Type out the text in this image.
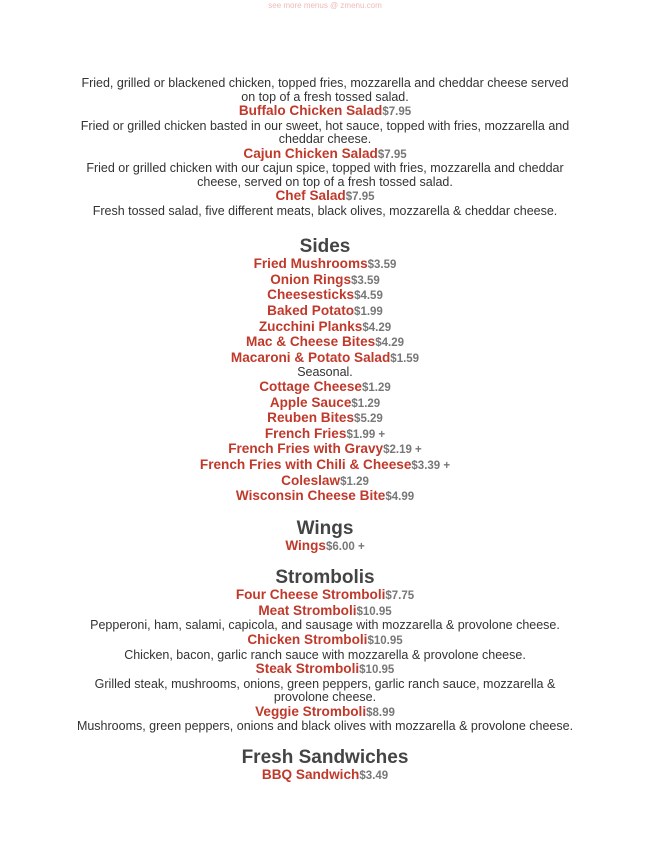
see more menus @ zmenu.com

Fried, grilled or blackened chicken, topped fries, mozzarella and cheddar cheese served on top of a fresh tossed salad.

Buffalo Chicken Salad$7.95

Fried or grilled chicken basted in our sweet, hot sauce, topped with fries, mozzarella and cheddar cheese.

Cajun Chicken Salad$7.95

Fried or grilled chicken with our cajun spice, topped with fries, mozzarella and cheddar cheese, served on top of a fresh tossed salad.

Chef Salad$7.95

Fresh tossed salad, five different meats, black olives, mozzarella & cheddar cheese.

Sides

Fried Mushrooms$3.59

Onion Rings$3.59

Cheesesticks$4.59

Baked Potato$1.99

Zucchini Planks$4.29

Mac & Cheese Bites$4.29

Macaroni & Potato Salad$1.59

Seasonal.

Cottage Cheese$1.29

Apple Sauce$1.29

Reuben Bites$5.29

French Fries$1.99 +

French Fries with Gravy$2.19 +

French Fries with Chili & Cheese$3.39 +

Coleslaw$1.29

Wisconsin Cheese Bite$4.99

Wings

Wings$6.00 +

Strombolis

Four Cheese Stromboli$7.75

Meat Stromboli$10.95

Pepperoni, ham, salami, capicola, and sausage with mozzarella & provolone cheese.

Chicken Stromboli$10.95

Chicken, bacon, garlic ranch sauce with mozzarella & provolone cheese.

Steak Stromboli$10.95

Grilled steak, mushrooms, onions, green peppers, garlic ranch sauce, mozzarella & provolone cheese.

Veggie Stromboli$8.99

Mushrooms, green peppers, onions and black olives with mozzarella & provolone cheese.

Fresh Sandwiches

BBQ Sandwich$3.49
